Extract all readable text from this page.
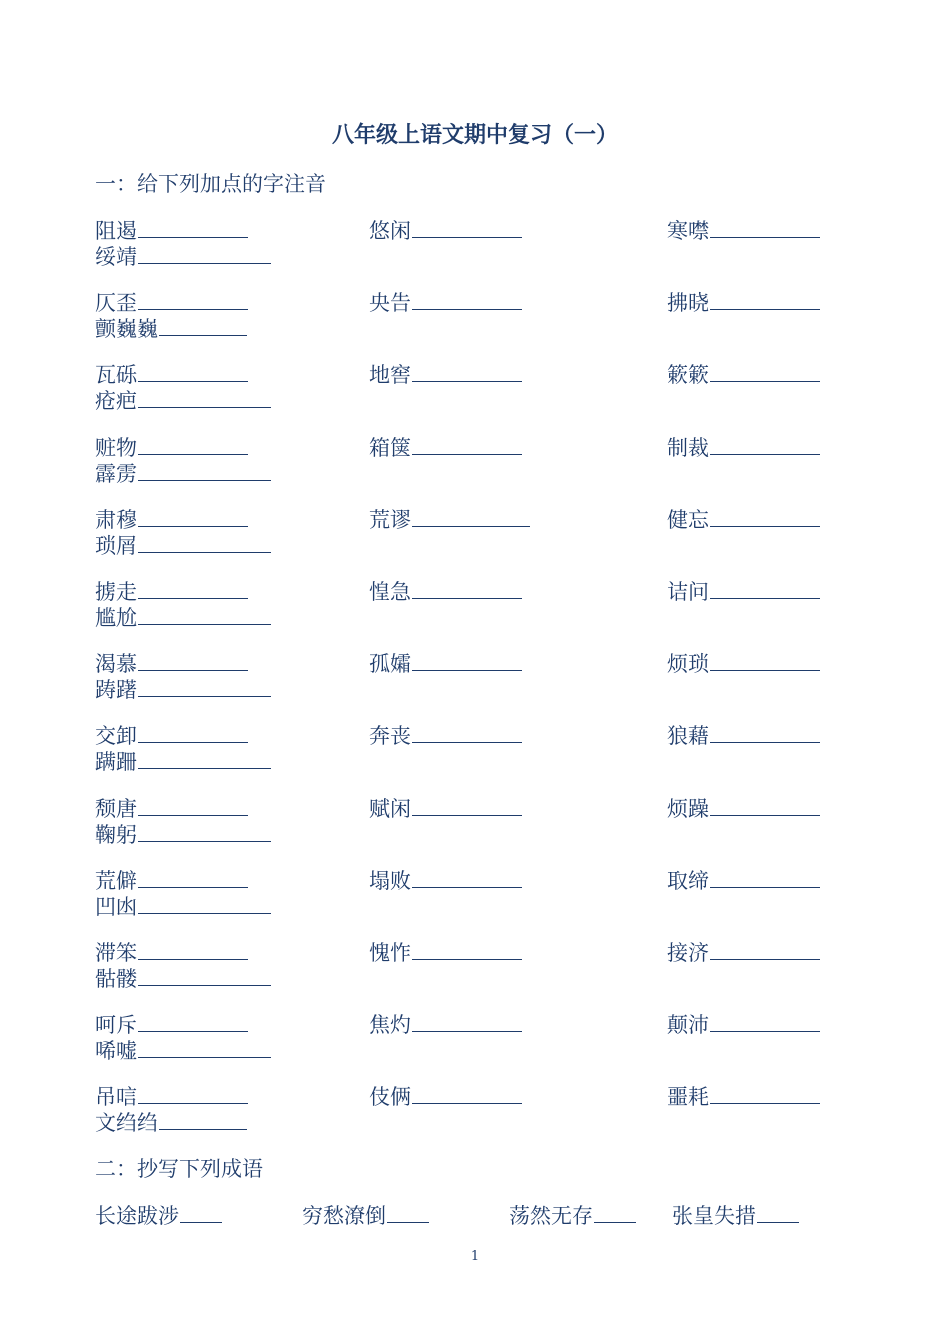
八年级上语文期中复习（一）
一：给下列加点的字注音
阻遏	悠闲	寒噤
绥靖
仄歪	央告	拂晓
颤巍巍
瓦砾	地窖	簌簌
疮疤
赃物	箱箧	制裁
霹雳
肃穆	荒谬	健忘
琐屑
掳走	惶急	诘问
尴尬
渴慕	孤孀	烦琐
踌躇
交卸	奔丧	狼藉
蹒跚
颓唐	赋闲	烦躁
鞠躬
荒僻	塌败	取缔
凹凼
滞笨	愧怍	接济
骷髅
呵斥	焦灼	颠沛
唏嘘
吊唁	伎俩	噩耗
文绉绉
二：抄写下列成语
长途跋涉	穷愁潦倒	荡然无存	张皇失措
1
